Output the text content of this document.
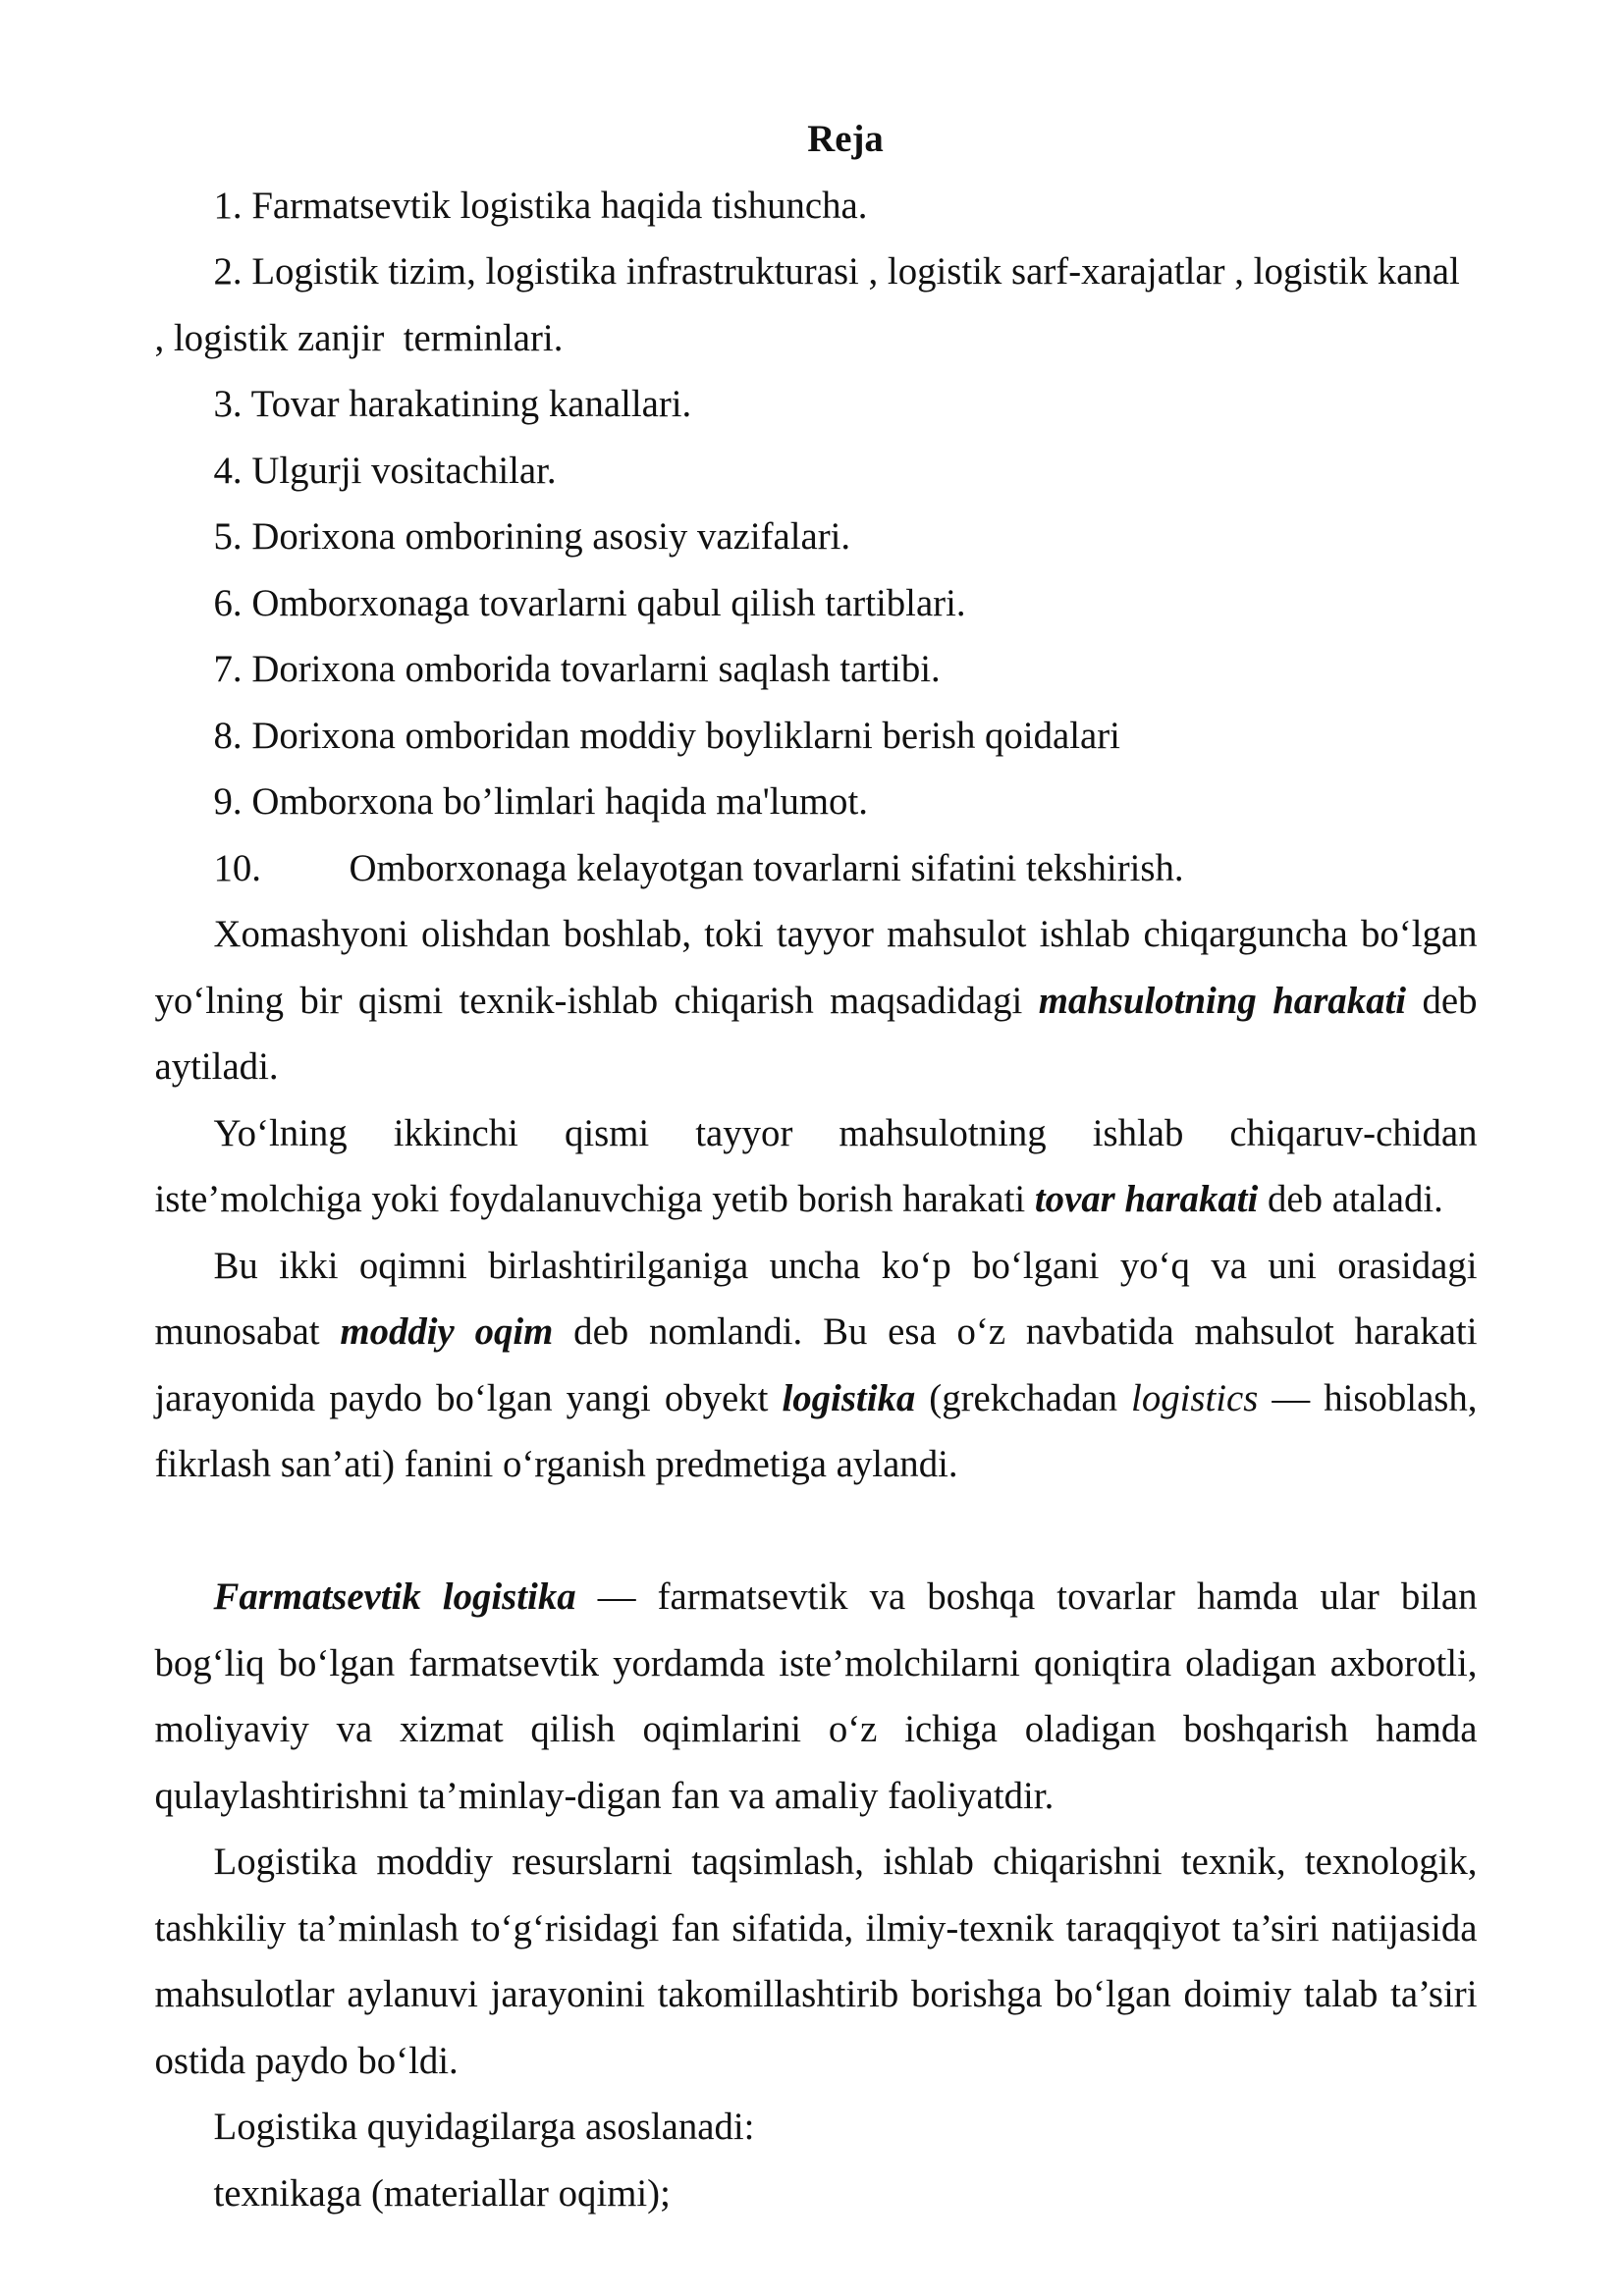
Reja
1. Farmatsevtik logistika haqida tishuncha.
2. Logistik tizim, logistika infrastrukturasi , logistik sarf-xarajatlar , logistik kanal
, logistik zanjir  terminlari.
3. Tovar harakatining kanallari.
4. Ulgurji vositachilar.
5. Dorixona omborining asosiy vazifalari.
6. Omborxonaga tovarlarni qabul qilish tartiblari.
7. Dorixona omborida tovarlarni saqlash tartibi.
8. Dorixona omboridan moddiy boyliklarni berish qoidalari
9. Omborxona bo’limlari haqida ma'lumot.
10. Omborxonaga kelayotgan tovarlarni sifatini tekshirish.
Xomashyoni olishdan boshlab, toki tayyor mahsulot ishlab chiqarguncha bo‘lgan
yo‘lning bir qismi texnik-ishlab chiqarish maqsadidagi mahsulotning harakati deb
aytiladi.
Yo‘lning ikkinchi qismi tayyor mahsulotning ishlab chiqaruv-chidan
iste’molchiga yoki foydalanuvchiga yetib borish harakati tovar harakati deb ataladi.
Bu ikki oqimni birlashtirilganiga uncha ko‘p bo‘lgani yo‘q va uni orasidagi
munosabat moddiy oqim deb nomlandi. Bu esa o‘z navbatida mahsulot harakati
jarayonida paydo bo‘lgan yangi obyekt logistika (grekchadan logistics — hisoblash,
fikrlash san’ati) fanini o‘rganish predmetiga aylandi.
Farmatsevtik logistika — farmatsevtik va boshqa tovarlar hamda ular bilan
bog‘liq bo‘lgan farmatsevtik yordamda iste’molchilarni qoniqtira oladigan axborotli,
moliyaviy va xizmat qilish oqimlarini o‘z ichiga oladigan boshqarish hamda
qulaylashtirishni ta’minlay-digan fan va amaliy faoliyatdir.
Logistika moddiy resurslarni taqsimlash, ishlab chiqarishni texnik, texnologik,
tashkiliy ta’minlash to‘g‘risidagi fan sifatida, ilmiy-texnik taraqqiyot ta’siri natijasida
mahsulotlar aylanuvi jarayonini takomillashtirib borishga bo‘lgan doimiy talab ta’siri
ostida paydo bo‘ldi.
Logistika quyidagilarga asoslanadi:
texnikaga (materiallar oqimi);
